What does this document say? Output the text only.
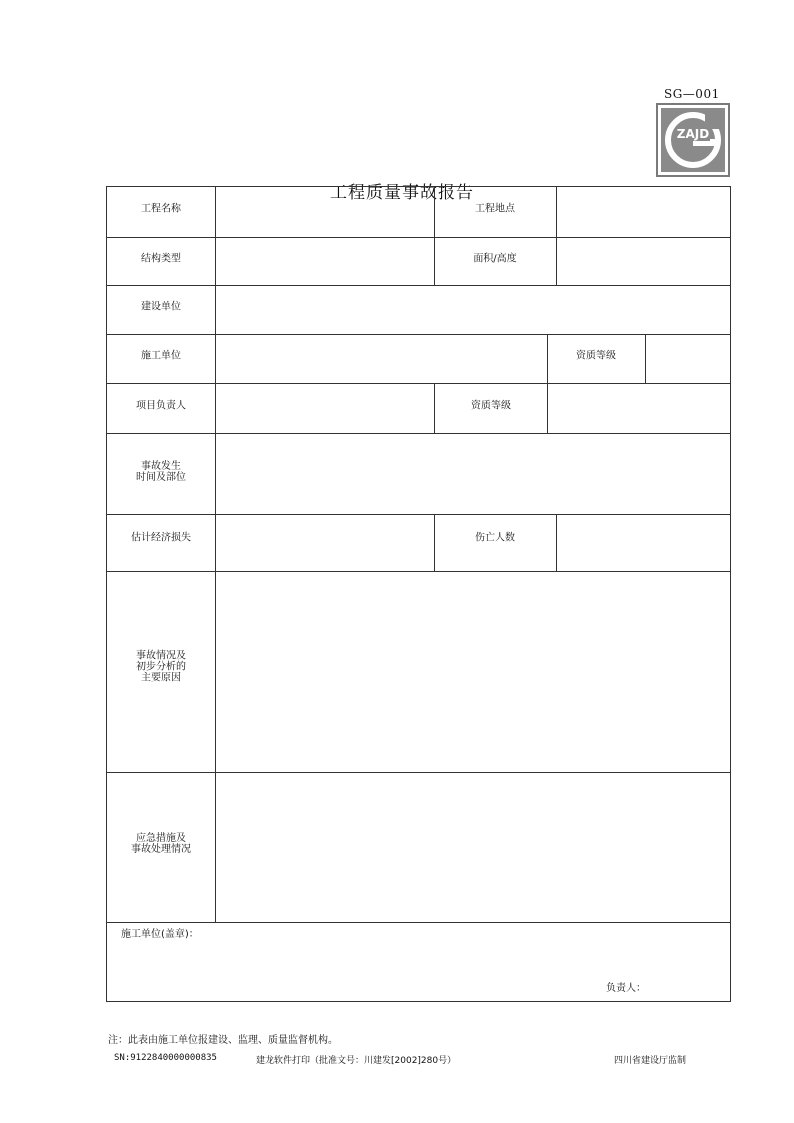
SG—001
ZAJD
工程质量事故报告
工程名称	工程地点
结构类型	面积/高度
建设单位
施工单位	资质等级
项目负责人	资质等级
事故发生
时间及部位
估计经济损失	伤亡人数
事故情况及
初步分析的
主要原因
应急措施及
事故处理情况
施工单位(盖章)：
负责人：
注：此表由施工单位报建设、监理、质量监督机构。
SN:9122840000000835	建龙软件打印（批准文号：川建发[2002]280号）	四川省建设厅监制
